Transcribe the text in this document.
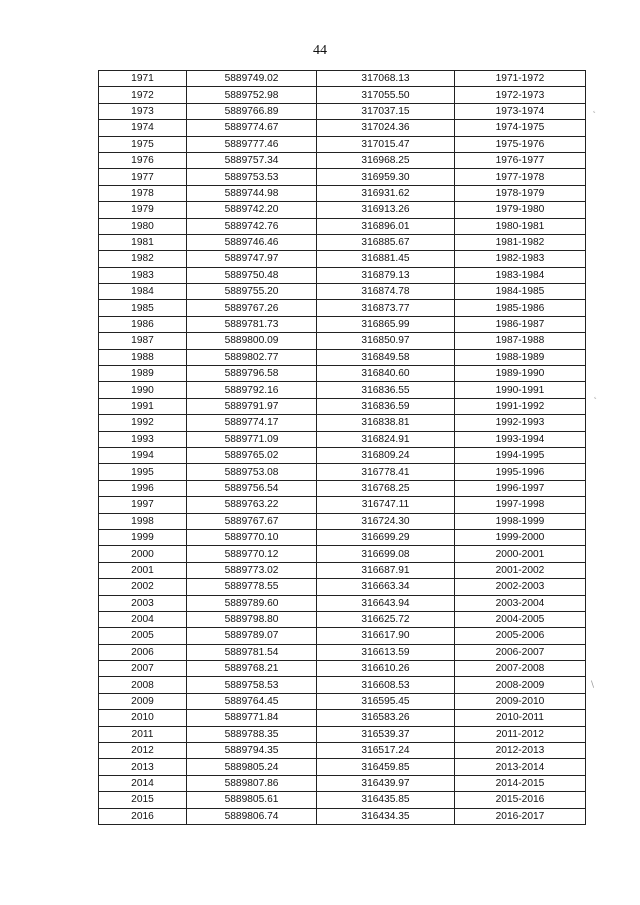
44
1971	5889749.02	317068.13	1971-1972
1972	5889752.98	317055.50	1972-1973
1973	5889766.89	317037.15	1973-1974
1974	5889774.67	317024.36	1974-1975
1975	5889777.46	317015.47	1975-1976
1976	5889757.34	316968.25	1976-1977
1977	5889753.53	316959.30	1977-1978
1978	5889744.98	316931.62	1978-1979
1979	5889742.20	316913.26	1979-1980
1980	5889742.76	316896.01	1980-1981
1981	5889746.46	316885.67	1981-1982
1982	5889747.97	316881.45	1982-1983
1983	5889750.48	316879.13	1983-1984
1984	5889755.20	316874.78	1984-1985
1985	5889767.26	316873.77	1985-1986
1986	5889781.73	316865.99	1986-1987
1987	5889800.09	316850.97	1987-1988
1988	5889802.77	316849.58	1988-1989
1989	5889796.58	316840.60	1989-1990
1990	5889792.16	316836.55	1990-1991
1991	5889791.97	316836.59	1991-1992
1992	5889774.17	316838.81	1992-1993
1993	5889771.09	316824.91	1993-1994
1994	5889765.02	316809.24	1994-1995
1995	5889753.08	316778.41	1995-1996
1996	5889756.54	316768.25	1996-1997
1997	5889763.22	316747.11	1997-1998
1998	5889767.67	316724.30	1998-1999
1999	5889770.10	316699.29	1999-2000
2000	5889770.12	316699.08	2000-2001
2001	5889773.02	316687.91	2001-2002
2002	5889778.55	316663.34	2002-2003
2003	5889789.60	316643.94	2003-2004
2004	5889798.80	316625.72	2004-2005
2005	5889789.07	316617.90	2005-2006
2006	5889781.54	316613.59	2006-2007
2007	5889768.21	316610.26	2007-2008
2008	5889758.53	316608.53	2008-2009
2009	5889764.45	316595.45	2009-2010
2010	5889771.84	316583.26	2010-2011
2011	5889788.35	316539.37	2011-2012
2012	5889794.35	316517.24	2012-2013
2013	5889805.24	316459.85	2013-2014
2014	5889807.86	316439.97	2014-2015
2015	5889805.61	316435.85	2015-2016
2016	5889806.74	316434.35	2016-2017
˛
˛
\
